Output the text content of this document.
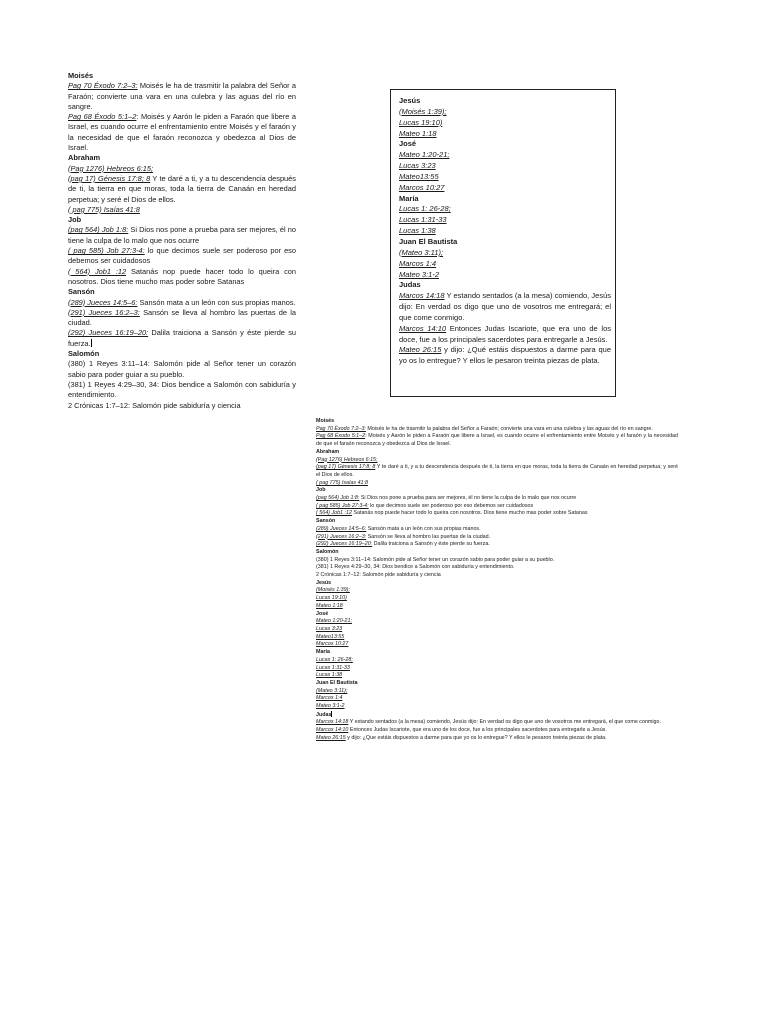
Moisés

Pag 70 Éxodo 7:2–3: Moisés le ha de trasmitir la palabra del Señor a Faraón; convierte una vara en una culebra y las aguas del río en sangre.

Pag 68 Éxodo 5:1–2: Moisés y Aarón le piden a Faraón que libere a Israel, es cuando ocurre el enfrentamiento entre Moisés y el faraón y la necesidad de que el faraón reconozca y obedezca al Dios de Israel.

Abraham

(Pag 1276) Hebreos 6:15;

(pag 17) Génesis 17:8; 8 Y te daré a ti, y a tu descendencia después de ti, la tierra en que moras, toda la tierra de Canaán en heredad perpetua; y seré el Dios de ellos.

( pag 775) Isaías 41:8

Job

(pag 564) Job 1:8: Si Dios nos pone a prueba para ser mejores, él no tiene la culpa de lo malo que nos ocurre

( pag 585) Job 27:3-4: lo que decimos suele ser poderoso por eso debemos ser cuidadosos

( 564) Job1 :12 Satanás nop puede hacer todo lo queira con nosotros. Dios tiene mucho mas poder sobre Satanas

Sansón

(289) Jueces 14:5–6: Sansón mata a un león con sus propias manos.

(291) Jueces 16:2–3: Sansón se lleva al hombro las puertas de la ciudad.

(292) Jueces 16:19–20: Dalila traiciona a Sansón y éste pierde su fuerza.

Salomón

(380) 1 Reyes 3:11–14: Salomón pide al Señor tener un corazón sabio para poder guiar a su pueblo.

(381) 1 Reyes 4:29–30, 34: Dios bendice a Salomón con sabiduría y entendimiento.

2 Crónicas 1:7–12: Salomón pide sabiduría y ciencia

Jesús

(Moisés 1:39);

Lucas 19:10)

Mateo 1:18

José

Mateo 1:20-21;

Lucas 3:23

Mateo13:55

Marcos 10:27

María

Lucas 1: 26-28;

Lucas 1:31-33

Lucas 1:38

Juan El Bautista

(Mateo 3:11);

Marcos 1:4

Mateo 3:1-2

Judas

Marcos 14:18 Y estando sentados (a la mesa) comiendo, Jesús dijo: En verdad os digo que uno de vosotros me entregará; el que come conmigo.

Marcos 14:10 Entonces Judas Iscariote, que era uno de los doce, fue a los principales sacerdotes para entregarle a Jesús.

Mateo 26:15 y dijo: ¿Qué estáis dispuestos a darme para que yo os lo entregue? Y ellos le pesaron treinta piezas de plata.

Moisés

Pag 70 Éxodo 7:2–3: Moisés le ha de trasmitir la palabra del Señor a Faraón; convierte una vara en una culebra y las aguas del río en sangre.

Pag 68 Éxodo 5:1–2: Moisés y Aarón le piden a Faraón que libere a Israel, es cuando ocurre el enfrentamiento entre Moisés y el faraón y la necesidad de que el faraón reconozca y obedezca al Dios de Israel.

Abraham

(Pag 1276) Hebreos 6:15;

(pag 17) Génesis 17:8; 8 Y te daré a ti, y a tu descendencia después de ti, la tierra en que moras, toda la tierra de Canaán en heredad perpetua; y seré el Dios de ellos.

( pag 775) Isaías 41:8

Job

(pag 564) Job 1:8: Si Dios nos pone a prueba para ser mejores, él no tiene la culpa de lo malo que nos ocurre

( pag 585) Job 27:3-4: lo que decimos suele ser poderoso por eso debemos ser cuidadosos

( 564) Job1 :12 Satanás nop puede hacer todo lo queira con nosotros. Dios tiene mucho mas poder sobre Satanas

Sansón

(289) Jueces 14:5–6: Sansón mata a un león con sus propias manos.

(291) Jueces 16:2–3: Sansón se lleva al hombro las puertas de la ciudad.

(292) Jueces 16:19–20: Dalila traiciona a Sansón y éste pierde su fuerza.

Salomón

(380) 1 Reyes 3:11–14: Salomón pide al Señor tener un corazón sabio para poder guiar a su pueblo.

(381) 1 Reyes 4:29–30, 34: Dios bendice a Salomón con sabiduría y entendimiento.

2 Crónicas 1:7–12: Salomón pide sabiduría y ciencia

Jesús

(Moisés 1:39);

Lucas 19:10)

Mateo 1:18

José

Mateo 1:20-21;

Lucas 3:23

Mateo13:55

Marcos 10:27

María

Lucas 1: 26-28;

Lucas 1:31-33

Lucas 1:38

Juan El Bautista

(Mateo 3:11);

Marcos 1:4

Mateo 3:1-2

Judas

Marcos 14:18 Y estando sentados (a la mesa) comiendo, Jesús dijo: En verdad os digo que uno de vosotros me entregará, el que come conmigo.

Marcos 14:10 Entonces Judas Iscariote, que era uno de los doce, fue a los principales sacerdotes para entregarle a Jesús.

Mateo 26:15 y dijo: ¿Que estáis dispuestos a darme para que yo os lo entregue? Y ellos le pesaron treinta piezas de plata.
